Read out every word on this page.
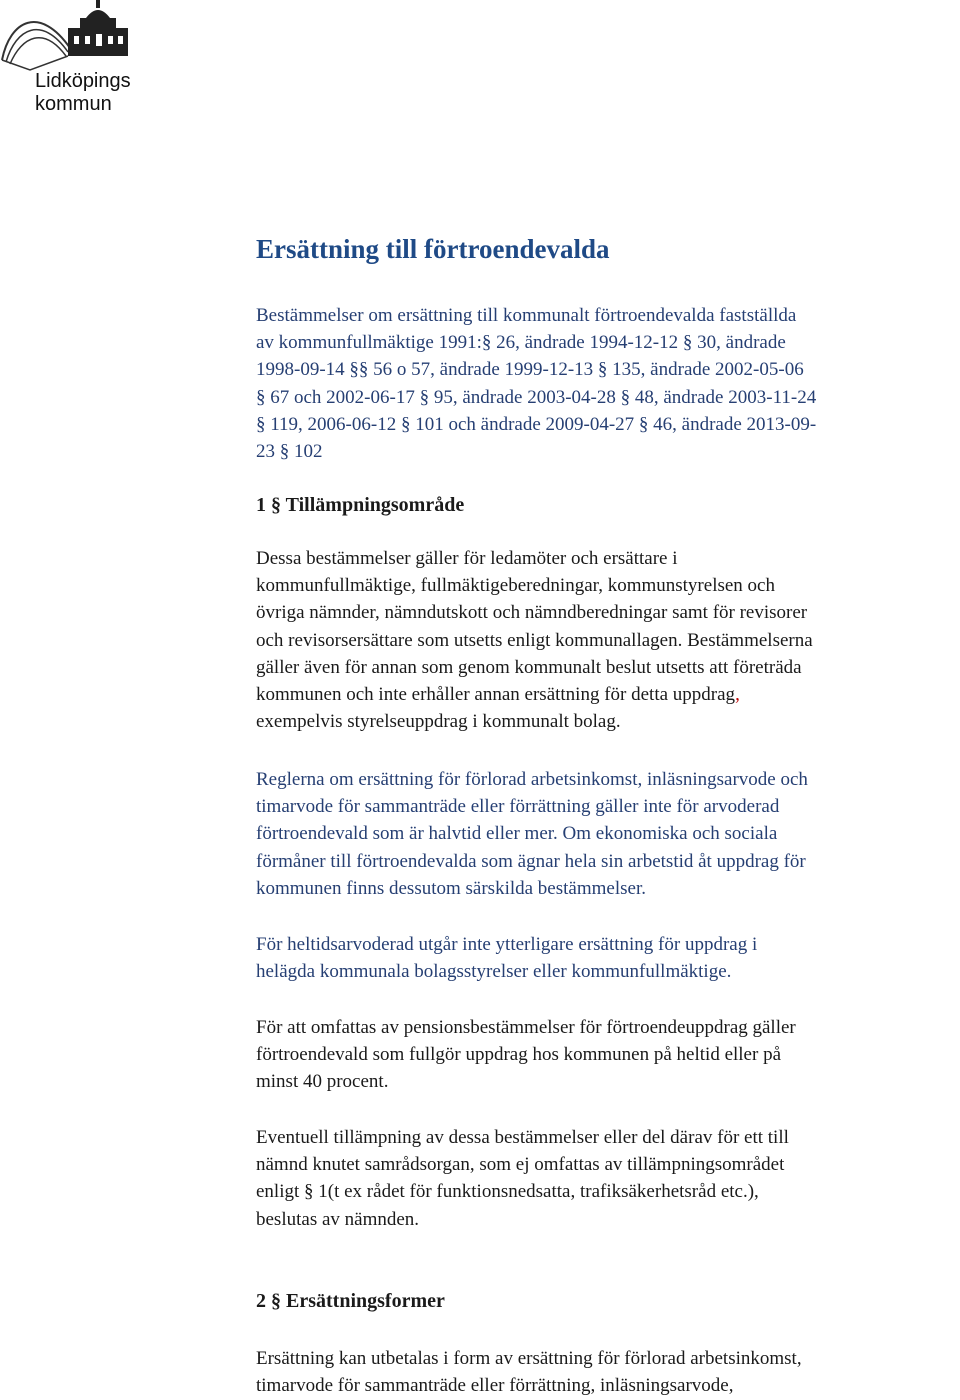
Lidköpings
kommun
Ersättning till förtroendevalda
Bestämmelser om ersättning till kommunalt förtroendevalda fastställda
av kommunfullmäktige 1991:§ 26, ändrade 1994-12-12 § 30, ändrade
1998-09-14 §§ 56 o 57, ändrade 1999-12-13 § 135, ändrade 2002-05-06
§ 67 och 2002-06-17 § 95, ändrade 2003-04-28 § 48, ändrade 2003-11-24
§ 119, 2006-06-12 § 101 och ändrade 2009-04-27 § 46, ändrade 2013-09-
23 § 102
1 § Tillämpningsområde
Dessa bestämmelser gäller för ledamöter och ersättare i
kommunfullmäktige, fullmäktigeberedningar, kommunstyrelsen och
övriga nämnder, nämndutskott och nämndberedningar samt för revisorer
och revisorsersättare som utsetts enligt kommunallagen. Bestämmelserna
gäller även för annan som genom kommunalt beslut utsetts att företräda
kommunen och inte erhåller annan ersättning för detta uppdrag,
exempelvis styrelseuppdrag i kommunalt bolag.
Reglerna om ersättning för förlorad arbetsinkomst, inläsningsarvode och
timarvode för sammanträde eller förrättning gäller inte för arvoderad
förtroendevald som är halvtid eller mer. Om ekonomiska och sociala
förmåner till förtroendevalda som ägnar hela sin arbetstid åt uppdrag för
kommunen finns dessutom särskilda bestämmelser.
För heltidsarvoderad utgår inte ytterligare ersättning för uppdrag i
helägda kommunala bolagsstyrelser eller kommunfullmäktige.
För att omfattas av pensionsbestämmelser för förtroendeuppdrag gäller
förtroendevald som fullgör uppdrag hos kommunen på heltid eller på
minst 40 procent.
Eventuell tillämpning av dessa bestämmelser eller del därav för ett till
nämnd knutet samrådsorgan, som ej omfattas av tillämpningsområdet
enligt § 1(t ex rådet för funktionsnedsatta, trafiksäkerhetsråd etc.),
beslutas av nämnden.
2 § Ersättningsformer
Ersättning kan utbetalas i form av ersättning för förlorad arbetsinkomst,
timarvode för sammanträde eller förrättning, inläsningsarvode,
